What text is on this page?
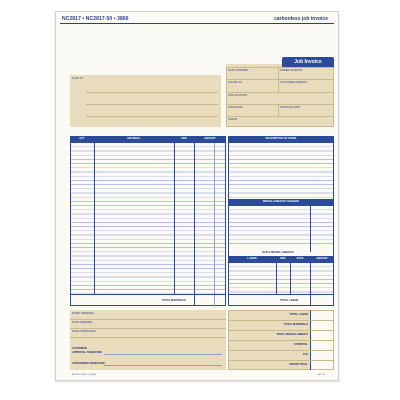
NC2817 • NC2817-50 • 3866	carbonless job invoice
Job Invoice
DATE ORDERED	ORDER TAKEN BY
PHONE NO.	CUSTOMER ORDER #
JOB LOCATION
JOB PHONE	STARTING DATE
TERMS
SOLD TO
QTY	MATERIAL	UNIT	AMOUNT
TOTAL MATERIALS
DESCRIPTION OF WORK
MISCELLANEOUS CHARGES
TOTAL MISCELLANEOUS
LABOR	HRS.	RATE	AMOUNT
TOTAL LABOR
WORK ORDERED
DATE ORDERED
DATE COMPLETED
CUSTOMER
APPROVAL SIGNATURE
AUTHORIZED SIGNATURE
TOTAL LABOR
TOTAL MATERIALS
TOTAL MISCELLANEOUS
SUBTOTAL
TAX
GRAND TOTAL
A-2817 F (2817 ) T-3866	NO. 11
